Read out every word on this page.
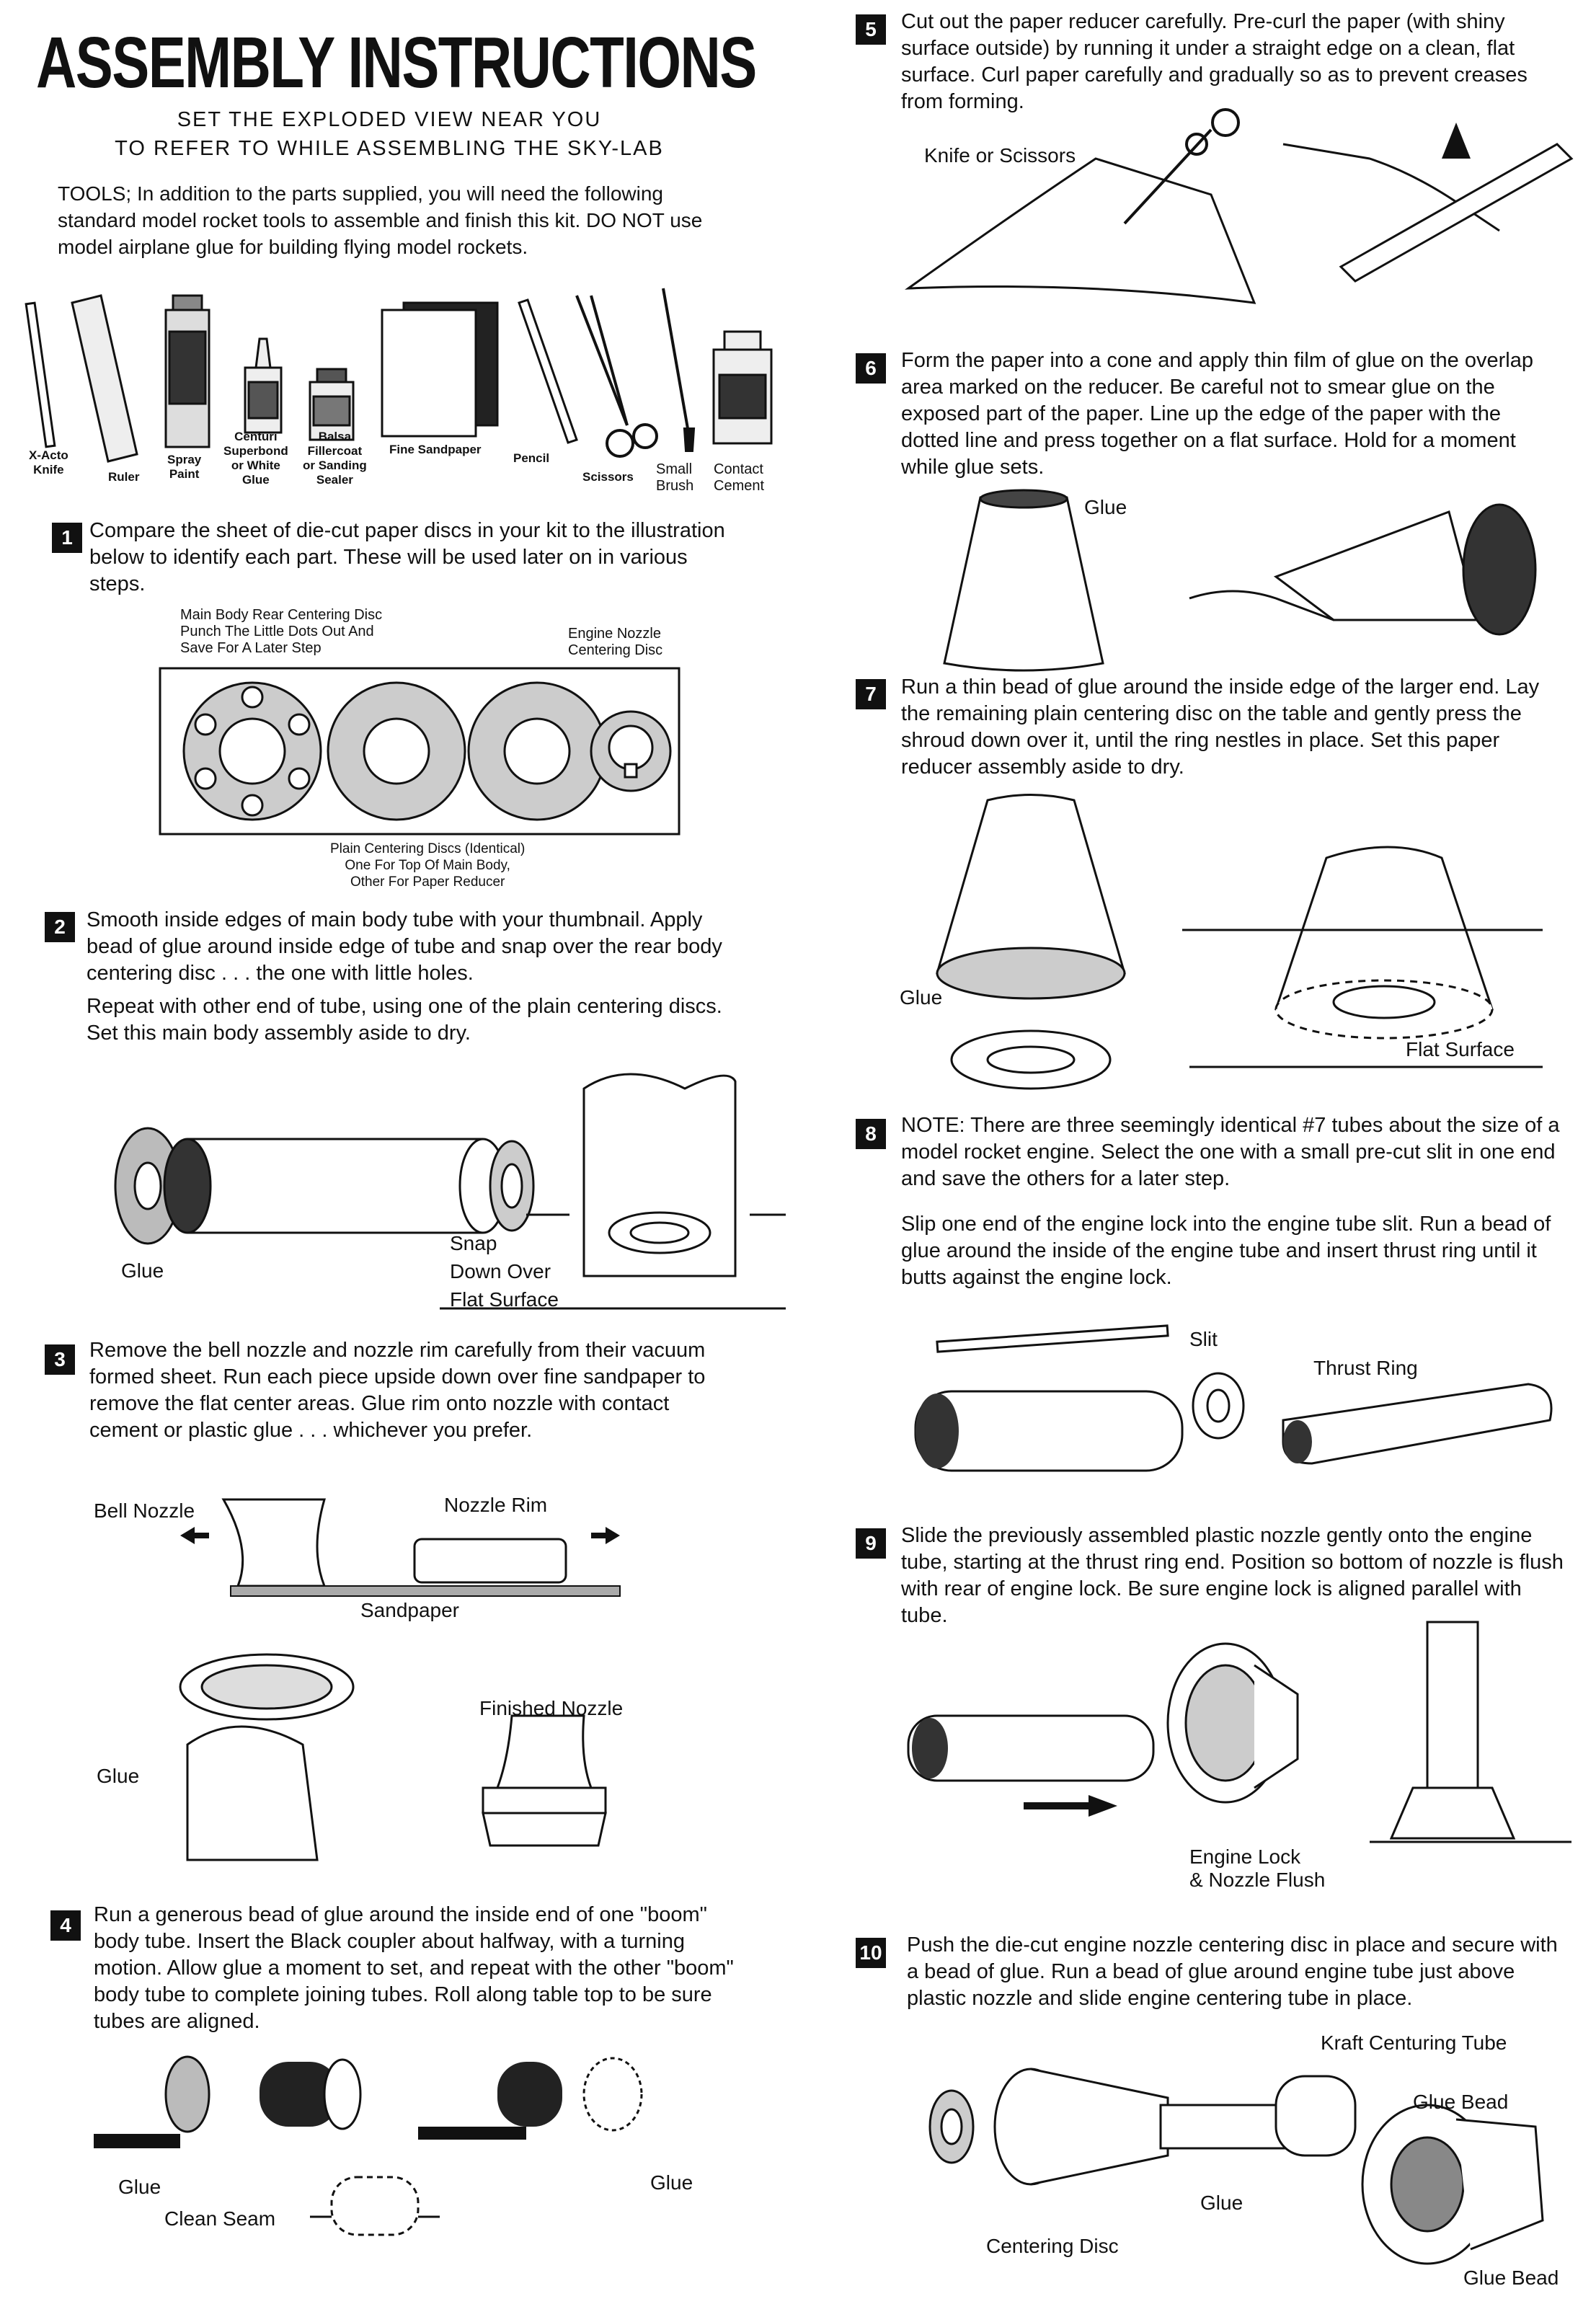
ASSEMBLY INSTRUCTIONS
SET THE EXPLODED VIEW NEAR YOU
TO REFER TO WHILE ASSEMBLING THE SKY-LAB
TOOLS; In addition to the parts supplied, you will need the following standard model rocket tools to assemble and finish this kit. DO NOT use model airplane glue for building flying model rockets.
X-Acto
Knife
Ruler
Spray
Paint
Centuri
Superbond
or White
Glue
Balsa
Fillercoat
or Sanding
Sealer
Fine Sandpaper
Pencil
Scissors Small
Brush
Contact
Cement
1 Compare the sheet of die-cut paper discs in your kit to the illustration below to identify each part. These will be used later on in various steps.
Main Body Rear Centering Disc
Punch The Little Dots Out And
Save For A Later Step
Engine Nozzle
Centering Disc
Plain Centering Discs (Identical)
One For Top Of Main Body,
Other For Paper Reducer
2	Smooth inside edges of main body tube with your thumbnail. Apply bead of glue around inside edge of tube and snap over the rear body centering disc . . . the one with little holes.
Repeat with other end of tube, using one of the plain centering discs. Set this main body assembly aside to dry.
Glue
Snap
Down Over
Flat Surface
3	Remove the bell nozzle and nozzle rim carefully from their vacuum formed sheet. Run each piece upside down over fine sandpaper to remove the flat center areas. Glue rim onto nozzle with contact cement or plastic glue . . . whichever you prefer.
Bell Nozzle	Nozzle Rim
Sandpaper
Finished Nozzle
Glue
4	Run a generous bead of glue around the inside end of one "boom" body tube. Insert the Black coupler about halfway, with a turning motion. Allow glue a moment to set, and repeat with the other "boom" body tube to complete joining tubes. Roll along table top to be sure tubes are aligned.
Glue	Glue
Clean Seam
5	Cut out the paper reducer carefully. Pre-curl the paper (with shiny surface outside) by running it under a straight edge on a clean, flat surface. Curl paper carefully and gradually so as to prevent creases from forming.
Knife or Scissors
6	Form the paper into a cone and apply thin film of glue on the overlap area marked on the reducer. Be careful not to smear glue on the exposed part of the paper. Line up the edge of the paper with the dotted line and press together on a flat surface. Hold for a moment while glue sets.
Glue
7	Run a thin bead of glue around the inside edge of the larger end. Lay the remaining plain centering disc on the table and gently press the shroud down over it, until the ring nestles in place. Set this paper reducer assembly aside to dry.
Glue
Flat Surface
8	NOTE: There are three seemingly identical #7 tubes about the size of a model rocket engine. Select the one with a small pre-cut slit in one end and save the others for a later step.
Slip one end of the engine lock into the engine tube slit. Run a bead of glue around the inside of the engine tube and insert thrust ring until it butts against the engine lock.
Slit
Thrust Ring
9	Slide the previously assembled plastic nozzle gently onto the engine tube, starting at the thrust ring end. Position so bottom of nozzle is flush with rear of engine lock. Be sure engine lock is aligned parallel with tube.
Engine Lock
& Nozzle Flush
10 Push the die-cut engine nozzle centering disc in place and secure with a bead of glue. Run a bead of glue around engine tube just above plastic nozzle and slide engine centering tube in place.
Kraft Centuring Tube
Glue Bead
Glue
Centering Disc
Glue Bead
